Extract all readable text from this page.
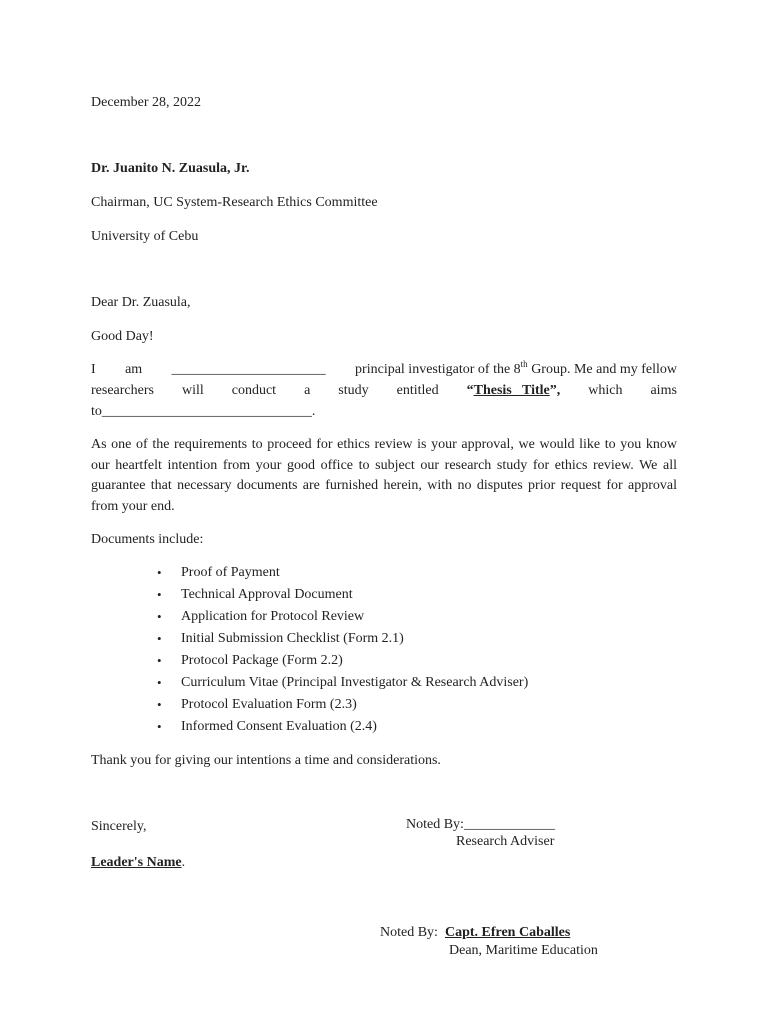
December 28, 2022
Dr. Juanito N. Zuasula, Jr.
Chairman, UC System-Research Ethics Committee
University of Cebu
Dear Dr. Zuasula,
Good Day!
I am ______________________ principal investigator of the 8th Group. Me and my fellow
researchers will conduct a study entitled “Thesis   Title”, which aims
to______________________________.
As one of the requirements to proceed for ethics review is your approval, we would like to you know our heartfelt intention from your good office to subject our research study for ethics review. We all guarantee that necessary documents are furnished herein, with no disputes prior request for approval from your end.
Documents include:
•	Proof of Payment
•	Technical Approval Document
•	Application for Protocol Review
•	Initial Submission Checklist (Form 2.1)
•	Protocol Package (Form 2.2)
•	Curriculum Vitae (Principal Investigator & Research Adviser)
•	Protocol Evaluation Form (2.3)
•	Informed Consent Evaluation (2.4)
Thank you for giving our intentions a time and considerations.
Sincerely,	Noted By:_____________
Research Adviser
Leader's Name.
Noted By: Capt. Efren Caballes
Dean, Maritime Education
